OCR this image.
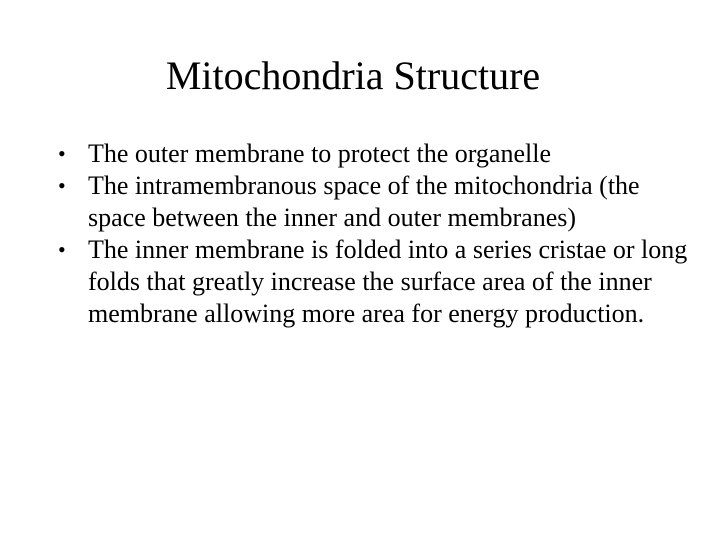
Mitochondria Structure
• The outer membrane to protect the organelle
• The intramembranous space of the mitochondria (the space between the inner and outer membranes)
• The inner membrane is folded into a series cristae or long folds that greatly increase the surface area of the inner membrane allowing more area for energy production.
